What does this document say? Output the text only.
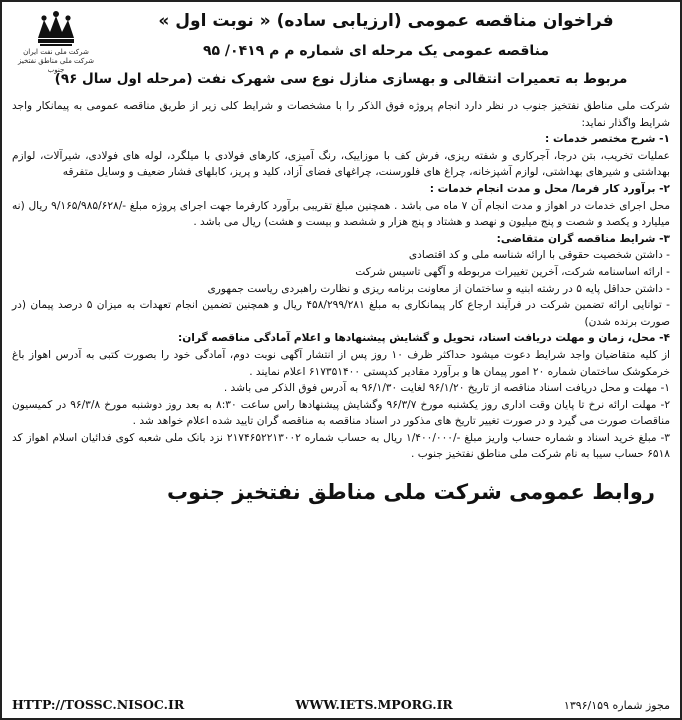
شرکت ملی نفت ایران
شرکت ملی مناطق نفتخیز جنوب
فراخوان مناقصه عمومی (ارزیابی ساده) « نوبت اول »
مناقصه عمومی یک مرحله ای شماره م م ۰۴۱۹/ ۹۵
مربوط به تعمیرات انتقالی و بهسازی منازل نوع سی شهرک نفت (مرحله اول سال ۹۶)

شرکت ملی مناطق نفتخیز جنوب در نظر دارد انجام پروژه فوق الذکر را با مشخصات و شرایط کلی زیر از طریق مناقصه عمومی به پیمانکار واجد شرایط واگذار نماید:

۱- شرح مختصر خدمات :

عملیات تخریب، بتن درجا، آجرکاری و شفته ریزی، فرش کف با موزاییک، رنگ آمیزی، کارهای فولادی با میلگرد، لوله های فولادی، شیرآلات، لوازم بهداشتی و شیرهای بهداشتی، لوازم آشپزخانه، چراغ های فلورسنت، چراغهای فضای آزاد، کلید و پریز، کابلهای فشار ضعیف و وسایل متفرقه

۲- برآورد کار فرما/ محل و مدت انجام خدمات :

محل اجرای خدمات در اهواز و مدت انجام آن ۷ ماه می باشد . همچنین مبلغ تقریبی برآورد کارفرما جهت اجرای پروژه مبلغ -/۹/۱۶۵/۹۸۵/۶۲۸ ریال (نه میلیارد و یکصد و شصت و پنج میلیون و نهصد و هشتاد و پنج هزار و ششصد و بیست و هشت) ریال می باشد .

۳- شرایط مناقصه گران متقاضی:

- داشتن شخصیت حقوقی با ارائه شناسه ملی و کد اقتصادی

- ارائه اساسنامه شرکت، آخرین تغییرات مربوطه و آگهی تاسیس شرکت

- داشتن حداقل پایه ۵ در رشته ابنیه و ساختمان از معاونت برنامه ریزی و نظارت راهبردی ریاست جمهوری

- توانایی ارائه تضمین شرکت در فرآیند ارجاع کار پیمانکاری به مبلغ ۴۵۸/۲۹۹/۲۸۱ ریال و همچنین تضمین انجام تعهدات به میزان ۵ درصد پیمان (در صورت برنده شدن)

۴- محل، زمان و مهلت دریافت اسناد، تحویل و گشایش پیشنهادها و اعلام آمادگی مناقصه گران:

از کلیه متقاضیان واجد شرایط دعوت میشود حداکثر ظرف ۱۰ روز پس از انتشار آگهی نوبت دوم، آمادگی خود را بصورت کتبی به آدرس اهواز باغ خرمکوشک ساختمان شماره ۲۰ امور پیمان ها و برآورد مقادیر کدپستی ۶۱۷۳۵۱۴۰۰ اعلام نمایند .

۱- مهلت و محل دریافت اسناد مناقصه از تاریخ ۹۶/۱/۲۰ لغایت ۹۶/۱/۳۰ به آدرس فوق الذکر می باشد .

۲- مهلت ارائه نرخ تا پایان وقت اداری روز یکشنبه مورخ ۹۶/۳/۷ وگشایش پیشنهادها راس ساعت ۸:۳۰ به بعد روز دوشنبه مورخ ۹۶/۳/۸ در کمیسیون مناقصات صورت می گیرد و در صورت تغییر تاریخ های مذکور در اسناد مناقصه به مناقصه گران تایید شده اعلام خواهد شد .

۳- مبلغ خرید اسناد و شماره حساب واریز مبلغ -/۱/۴۰۰/۰۰۰ ریال به حساب شماره ۲۱۷۴۶۵۲۲۱۳۰۰۲ نزد بانک ملی شعبه کوی فدائیان اسلام اهواز کد ۶۵۱۸ حساب سیبا به نام شرکت ملی مناطق نفتخیز جنوب .

روابط عمومی شرکت ملی مناطق نفتخیز جنوب
HTTP://TOSSC.NISOC.IR	WWW.IETS.MPORG.IR	مجوز شماره ۱۳۹۶/۱۵۹
